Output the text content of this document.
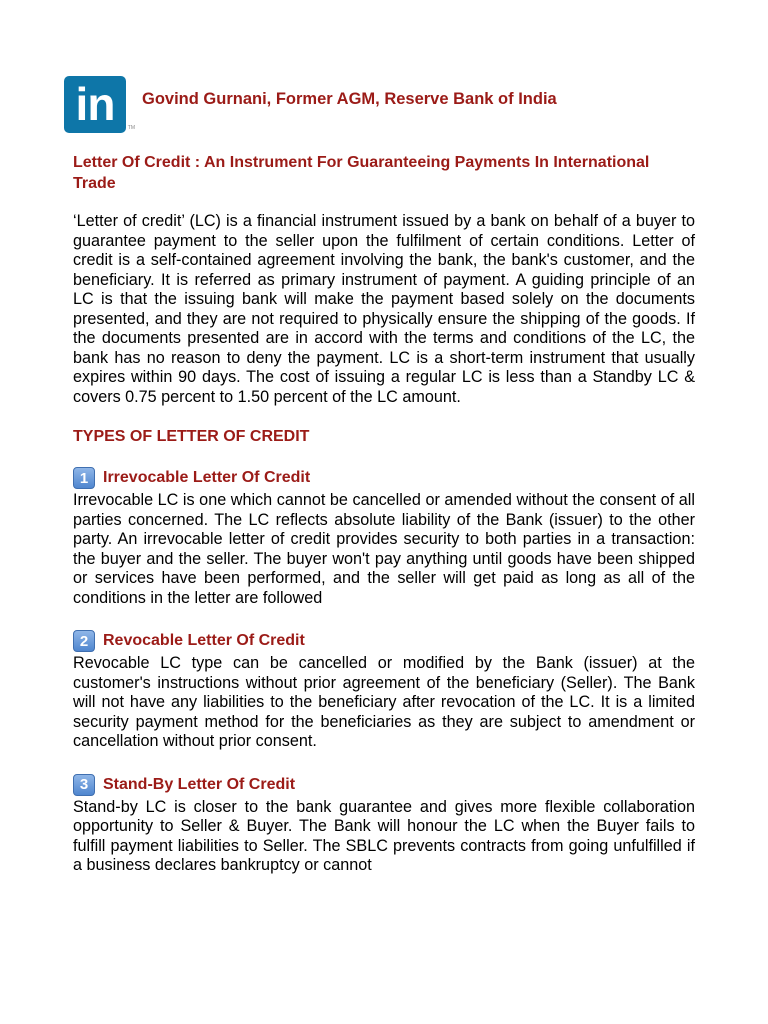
in	TM
Govind Gurnani, Former AGM, Reserve Bank of India
Letter Of Credit : An Instrument For Guaranteeing Payments In International Trade

‘Letter of credit’ (LC) is a financial instrument issued by a bank on behalf of a buyer to guarantee payment to the seller upon the fulfilment of certain conditions. Letter of credit is a self-contained agreement involving the bank, the bank's customer, and the beneficiary. It is referred as primary instrument of payment. A guiding principle of an LC is that the issuing bank will make the payment based solely on the documents presented, and they are not required to physically ensure the shipping of the goods. If the documents presented are in accord with the terms and conditions of the LC, the bank has no reason to deny the payment. LC is a short-term instrument that usually expires within 90 days. The cost of issuing a regular LC is less than a Standby LC & covers 0.75 percent to 1.50 percent of the LC amount.

TYPES OF LETTER OF CREDIT
1 Irrevocable Letter Of Credit

Irrevocable LC is one which cannot be cancelled or amended without the consent of all parties concerned. The LC reflects absolute liability of the Bank (issuer) to the other party. An irrevocable letter of credit provides security to both parties in a transaction: the buyer and the seller. The buyer won't pay anything until goods have been shipped or services have been performed, and the seller will get paid as long as all of the conditions in the letter are followed

2 Revocable Letter Of Credit

Revocable LC type can be cancelled or modified by the Bank (issuer) at the customer's instructions without prior agreement of the beneficiary (Seller). The Bank will not have any liabilities to the beneficiary after revocation of the LC. It is a limited security payment method for the beneficiaries as they are subject to amendment or cancellation without prior consent.

3 Stand-By Letter Of Credit

Stand-by LC is closer to the bank guarantee and gives more flexible collaboration opportunity to Seller & Buyer. The Bank will honour the LC when the Buyer fails to fulfill payment liabilities to Seller. The SBLC prevents contracts from going unfulfilled if a business declares bankruptcy or cannot
